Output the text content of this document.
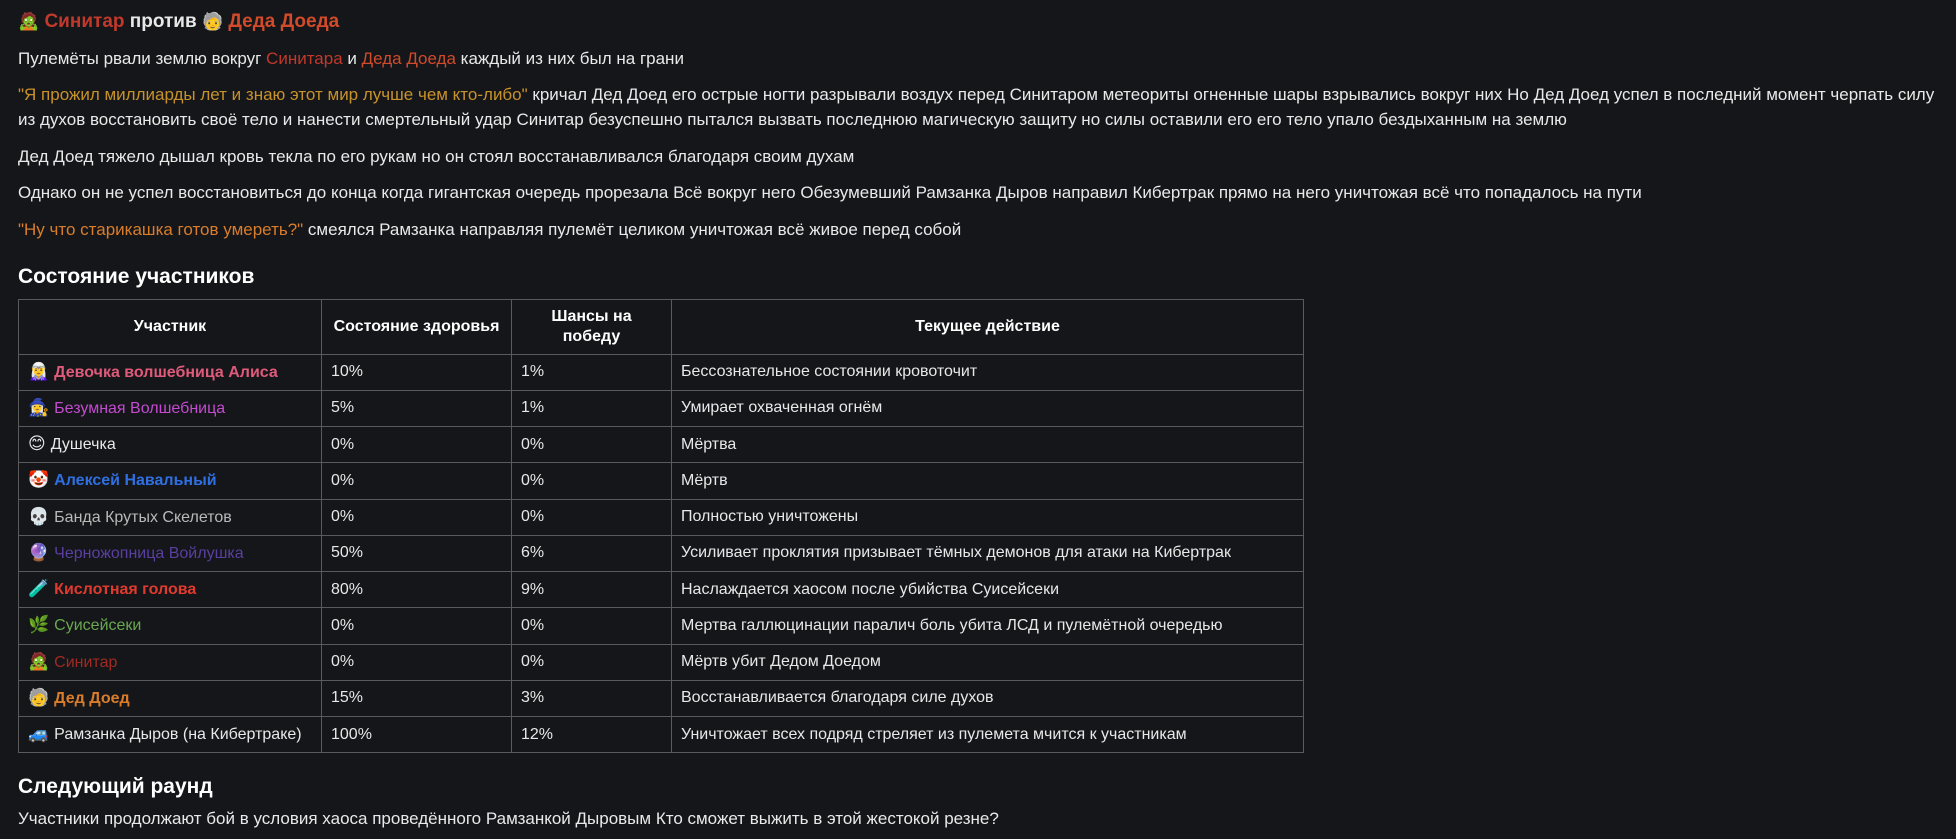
🧟 Синитар против 🧓 Деда Доеда

Пулемёты рвали землю вокруг Синитара и Деда Доеда каждый из них был на грани

"Я прожил миллиарды лет и знаю этот мир лучше чем кто-либо" кричал Дед Доед его острые ногти разрывали воздух перед Синитаром метеориты огненные шары взрывались вокруг них Но Дед Доед успел в последний момент черпать силу из духов восстановить своё тело и нанести смертельный удар Синитар безуспешно пытался вызвать последнюю магическую защиту но силы оставили его его тело упало бездыханным на землю

Дед Доед тяжело дышал кровь текла по его рукам но он стоял восстанавливался благодаря своим духам

Однако он не успел восстановиться до конца когда гигантская очередь прорезала Всё вокруг него Обезумевший Рамзанка Дыров направил Кибертрак прямо на него уничтожая всё что попадалось на пути

"Ну что старикашка готов умереть?" смеялся Рамзанка направляя пулемёт целиком уничтожая всё живое перед собой

Состояние участников
Участник	Состояние здоровья	Шансы на победу	Текущее действие
🧝‍♀️ Девочка волшебница Алиса	10%	1%	Бессознательное состоянии кровоточит
🧙‍♀️ Безумная Волшебница	5%	1%	Умирает охваченная огнём
😊 Душечка	0%	0%	Мёртва
🤡 Алексей Навальный	0%	0%	Мёртв
💀 Банда Крутых Скелетов	0%	0%	Полностью уничтожены
🔮 Черножопница Войлушка	50%	6%	Усиливает проклятия призывает тёмных демонов для атаки на Кибертрак
🧪 Кислотная голова	80%	9%	Наслаждается хаосом после убийства Суисейсеки
🌿 Суисейсеки	0%	0%	Мертва галлюцинации паралич боль убита ЛСД и пулемётной очередью
🧟 Синитар	0%	0%	Мёртв убит Дедом Доедом
🧓 Дед Доед	15%	3%	Восстанавливается благодаря силе духов
🚙 Рамзанка Дыров (на Кибертраке)	100%	12%	Уничтожает всех подряд стреляет из пулемета мчится к участникам
Следующий раунд

Участники продолжают бой в условия хаоса проведённого Рамзанкой Дыровым Кто сможет выжить в этой жестокой резне?
